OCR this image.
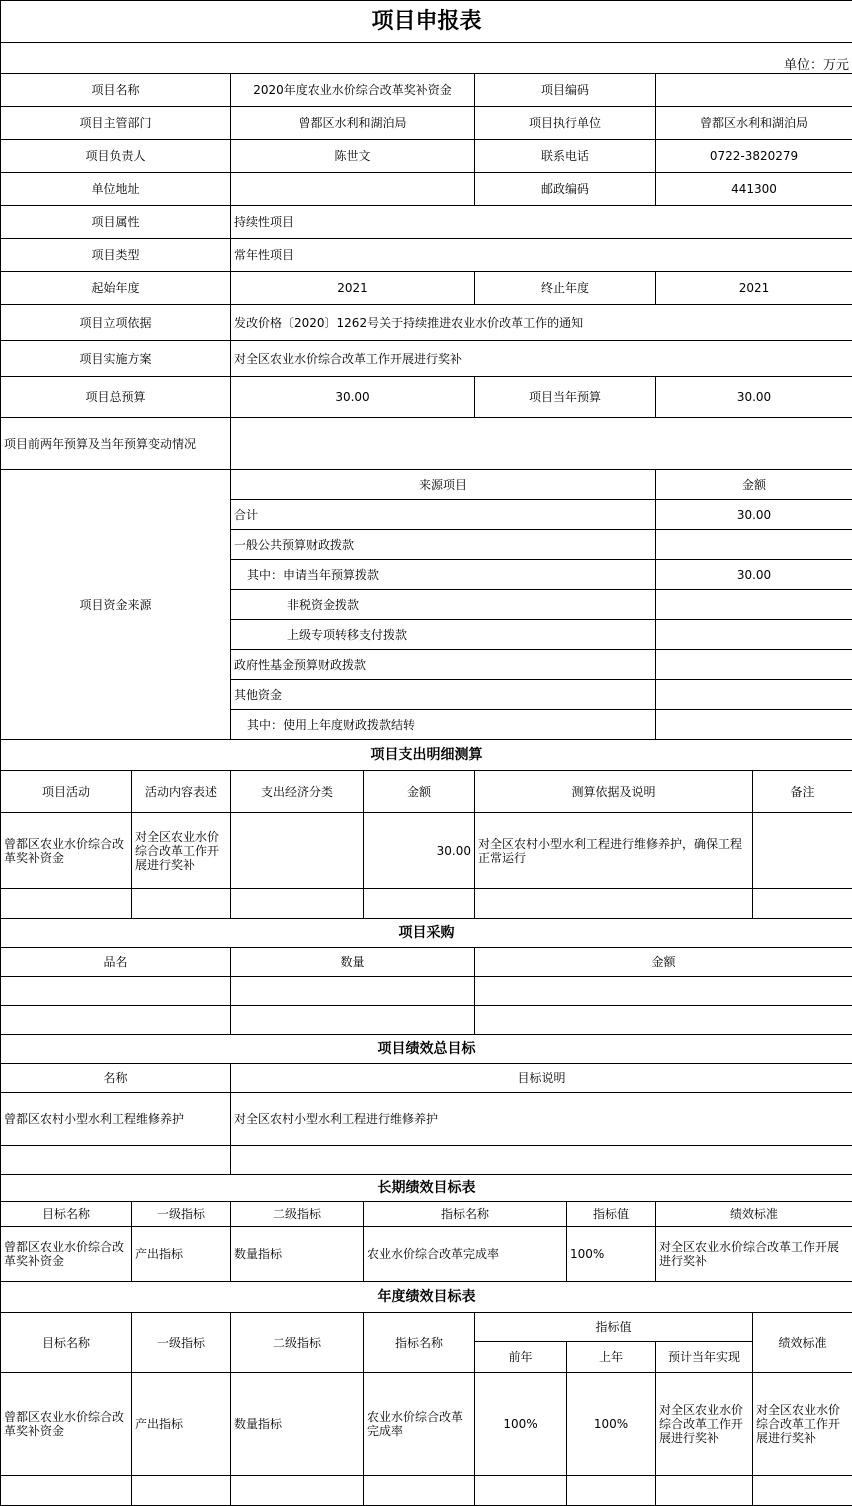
项目申报表							
单位：万元							
项目名称		2020年度农业水价综合改革奖补资金		项目编码			
项目主管部门		曾都区水利和湖泊局		项目执行单位		曾都区水利和湖泊局	
项目负责人		陈世文		联系电话		0722-3820279	
单位地址				邮政编码		441300	
项目属性		持续性项目					
项目类型		常年性项目					
起始年度		2021		终止年度		2021	
项目立项依据		发改价格〔2020〕1262号关于持续推进农业水价改革工作的通知					
项目实施方案		对全区农业水价综合改革工作开展进行奖补					
项目总预算		30.00		项目当年预算		30.00	
项目前两年预算及当年预算变动情况							
项目资金来源		来源项目				金额	
		合计				30.00	
		一般公共预算财政拨款					
		其中：申请当年预算拨款				30.00	
		非税资金拨款					
		上级专项转移支付拨款					
		政府性基金预算财政拨款					
		其他资金					
		其中：使用上年度财政拨款结转					
项目支出明细测算							
项目活动	活动内容表述	支出经济分类	金额	测算依据及说明			备注
曾都区农业水价综合改革奖补资金	对全区农业水价综合改革工作开展进行奖补		30.00	对全区农村小型水利工程进行维修养护，确保工程正常运行			

项目采购							
品名		数量		金额			

项目绩效总目标							
名称		目标说明					
曾都区农村小型水利工程维修养护		对全区农村小型水利工程进行维修养护					

长期绩效目标表							
目标名称	一级指标	二级指标	指标名称		指标值	绩效标准	
曾都区农业水价综合改革奖补资金	产出指标	数量指标	农业水价综合改革完成率		100%	对全区农业水价综合改革工作开展进行奖补	
年度绩效目标表							
目标名称	一级指标	二级指标	指标名称	指标值			绩效标准
				前年	上年	预计当年实现	
曾都区农业水价综合改革奖补资金	产出指标	数量指标	农业水价综合改革完成率	100%	100%	对全区农业水价综合改革工作开展进行奖补	对全区农业水价综合改革工作开展进行奖补
